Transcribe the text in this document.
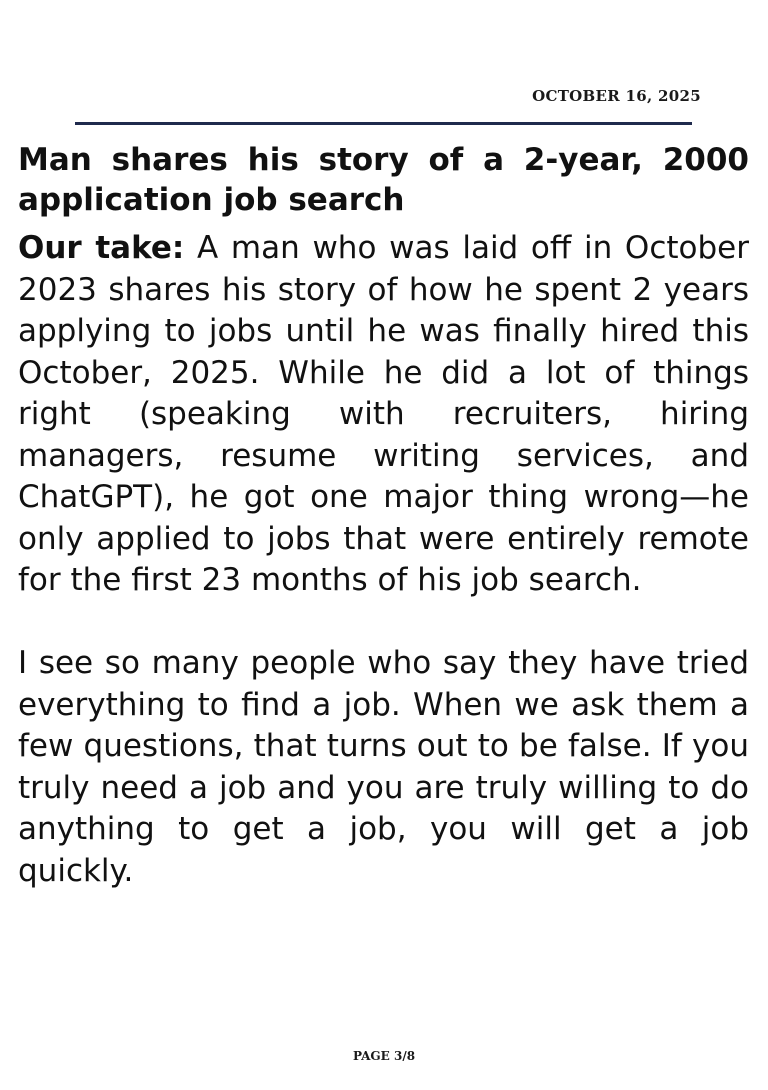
OCTOBER 16, 2025
Man shares his story of a 2-year, 2000 application job search

Our take: A man who was laid off in October 2023 shares his story of how he spent 2 years applying to jobs until he was finally hired this October, 2025. While he did a lot of things right (speaking with recruiters, hiring managers, resume writing services, and ChatGPT), he got one major thing wrong—he only applied to jobs that were entirely remote for the first 23 months of his job search.

I see so many people who say they have tried everything to find a job. When we ask them a few questions, that turns out to be false. If you truly need a job and you are truly willing to do anything to get a job, you will get a job quickly.

PAGE 3/8
